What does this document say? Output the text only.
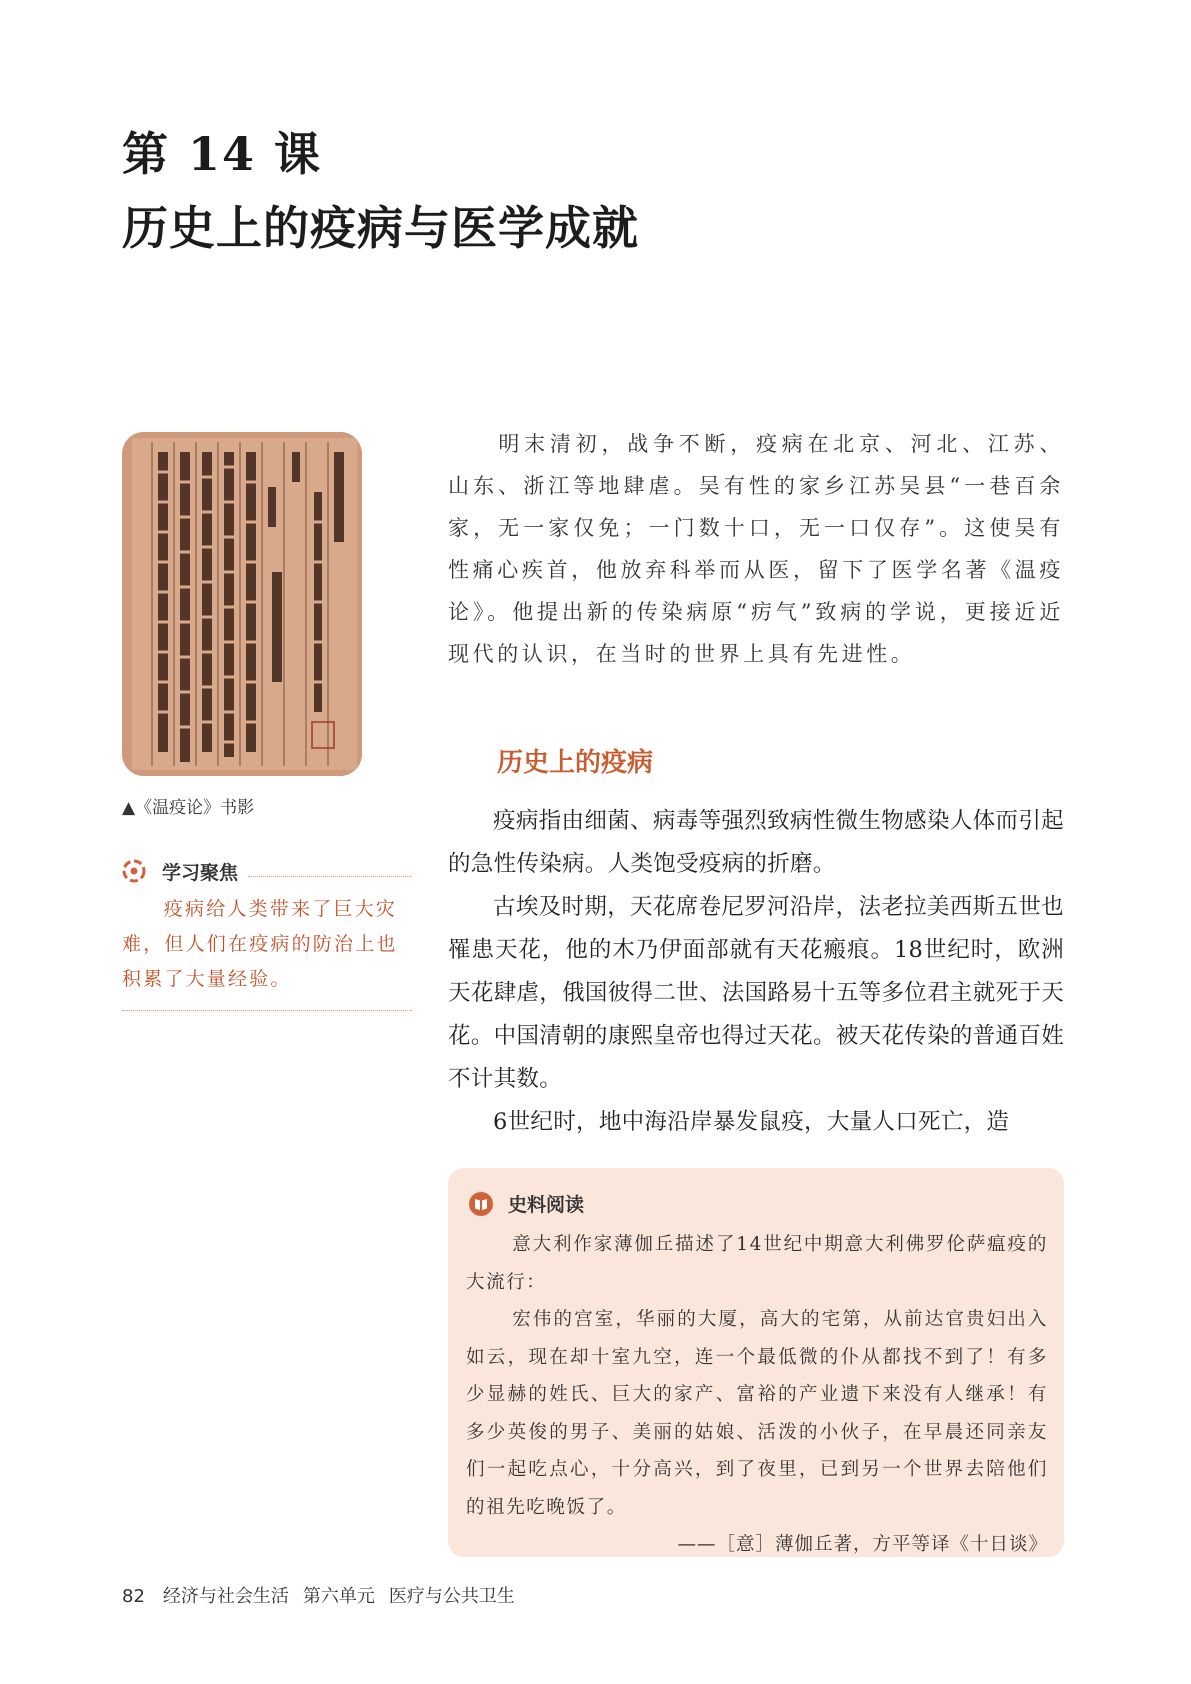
第 14 课
历史上的疫病与医学成就
▲《温疫论》书影
学习聚焦
疫病给人类带来了巨大灾难，但人们在疫病的防治上也积累了大量经验。
明末清初，战争不断，疫病在北京、河北、江苏、山东、浙江等地肆虐。吴有性的家乡江苏吴县“一巷百余家，无一家仅免；一门数十口，无一口仅存”。这使吴有性痛心疾首，他放弃科举而从医，留下了医学名著《温疫论》。他提出新的传染病原“疠气”致病的学说，更接近近现代的认识，在当时的世界上具有先进性。
历史上的疫病

疫病指由细菌、病毒等强烈致病性微生物感染人体而引起的急性传染病。人类饱受疫病的折磨。

古埃及时期，天花席卷尼罗河沿岸，法老拉美西斯五世也罹患天花，他的木乃伊面部就有天花瘢痕。18世纪时，欧洲天花肆虐，俄国彼得二世、法国路易十五等多位君主就死于天花。中国清朝的康熙皇帝也得过天花。被天花传染的普通百姓不计其数。

6世纪时，地中海沿岸暴发鼠疫，大量人口死亡，造

史料阅读

意大利作家薄伽丘描述了14世纪中期意大利佛罗伦萨瘟疫的大流行：

宏伟的宫室，华丽的大厦，高大的宅第，从前达官贵妇出入如云，现在却十室九空，连一个最低微的仆从都找不到了！有多少显赫的姓氏、巨大的家产、富裕的产业遗下来没有人继承！有多少英俊的男子、美丽的姑娘、活泼的小伙子，在早晨还同亲友们一起吃点心，十分高兴，到了夜里，已到另一个世界去陪他们的祖先吃晚饭了。

——［意］薄伽丘著，方平等译《十日谈》

82 经济与社会生活 第六单元 医疗与公共卫生
